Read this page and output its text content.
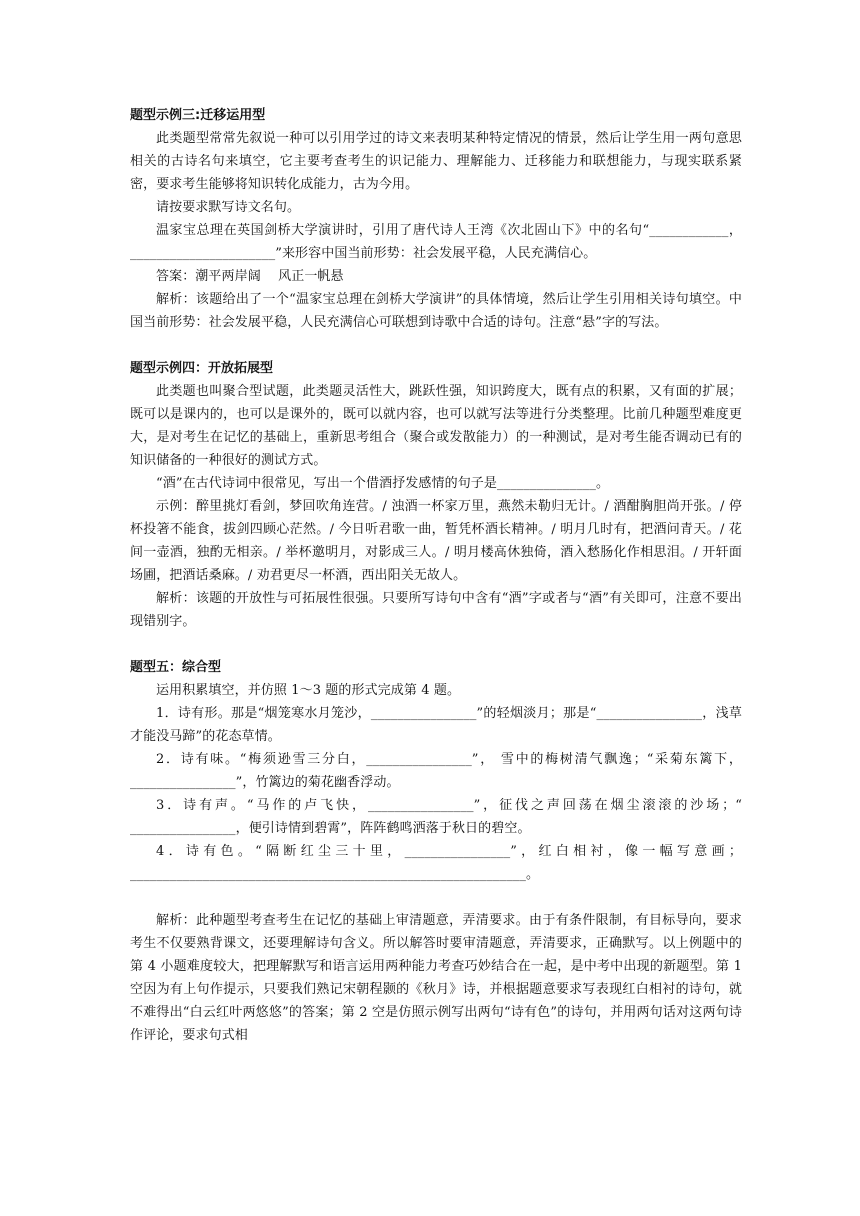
题型示例三:迁移运用型

此类题型常常先叙说一种可以引用学过的诗文来表明某种特定情况的情景，然后让学生用一两句意思相关的古诗名句来填空，它主要考查考生的识记能力、理解能力、迁移能力和联想能力，与现实联系紧密，要求考生能够将知识转化成能力，古为今用。

请按要求默写诗文名句。

温家宝总理在英国剑桥大学演讲时，引用了唐代诗人王湾《次北固山下》中的名句“____________，______________________”来形容中国当前形势：社会发展平稳，人民充满信心。

答案：潮平两岸阔　 风正一帆悬

解析：该题给出了一个“温家宝总理在剑桥大学演讲”的具体情境，然后让学生引用相关诗句填空。中国当前形势：社会发展平稳，人民充满信心可联想到诗歌中合适的诗句。注意“悬”字的写法。

题型示例四：开放拓展型

此类题也叫聚合型试题，此类题灵活性大，跳跃性强，知识跨度大，既有点的积累，又有面的扩展；既可以是课内的，也可以是课外的，既可以就内容，也可以就写法等进行分类整理。比前几种题型难度更大，是对考生在记忆的基础上，重新思考组合（聚合或发散能力）的一种测试，是对考生能否调动已有的知识储备的一种很好的测试方式。

“酒”在古代诗词中很常见，写出一个借酒抒发感情的句子是_______________。

示例：醉里挑灯看剑，梦回吹角连营。/ 浊酒一杯家万里，燕然未勒归无计。/ 酒酣胸胆尚开张。/ 停杯投箸不能食，拔剑四顾心茫然。/ 今日听君歌一曲，暂凭杯酒长精神。/ 明月几时有，把酒问青天。/ 花间一壶酒，独酌无相亲。/ 举杯邀明月，对影成三人。/ 明月楼高休独倚，酒入愁肠化作相思泪。/ 开轩面场圃，把酒话桑麻。/ 劝君更尽一杯酒，西出阳关无故人。

解析：该题的开放性与可拓展性很强。只要所写诗句中含有“酒”字或者与“酒”有关即可，注意不要出现错别字。

题型五：综合型

运用积累填空，并仿照 1～3 题的形式完成第 4 题。

1．诗有形。那是“烟笼寒水月笼沙，________________”的轻烟淡月；那是“________________，浅草才能没马蹄”的花态草情。

2．诗有味。“梅须逊雪三分白，________________”， 雪中的梅树清气飘逸；“采菊东篱下，________________”，竹篱边的菊花幽香浮动。

3．诗有声。“马作的卢飞快，________________”，征伐之声回荡在烟尘滚滚的沙场；“ ________________，便引诗情到碧霄”，阵阵鹤鸣洒落于秋日的碧空。

4．诗有色。“隔断红尘三十里，________________”，红白相衬，像一幅写意画；____________________________________________________________。

解析：此种题型考查考生在记忆的基础上审清题意，弄清要求。由于有条件限制，有目标导向，要求考生不仅要熟背课文，还要理解诗句含义。所以解答时要审清题意，弄清要求，正确默写。以上例题中的第 4 小题难度较大，把理解默写和语言运用两种能力考查巧妙结合在一起，是中考中出现的新题型。第 1 空因为有上句作提示，只要我们熟记宋朝程颢的《秋月》诗，并根据题意要求写表现红白相衬的诗句，就不难得出“白云红叶两悠悠”的答案；第 2 空是仿照示例写出两句“诗有色”的诗句，并用两句话对这两句诗作评论，要求句式相
